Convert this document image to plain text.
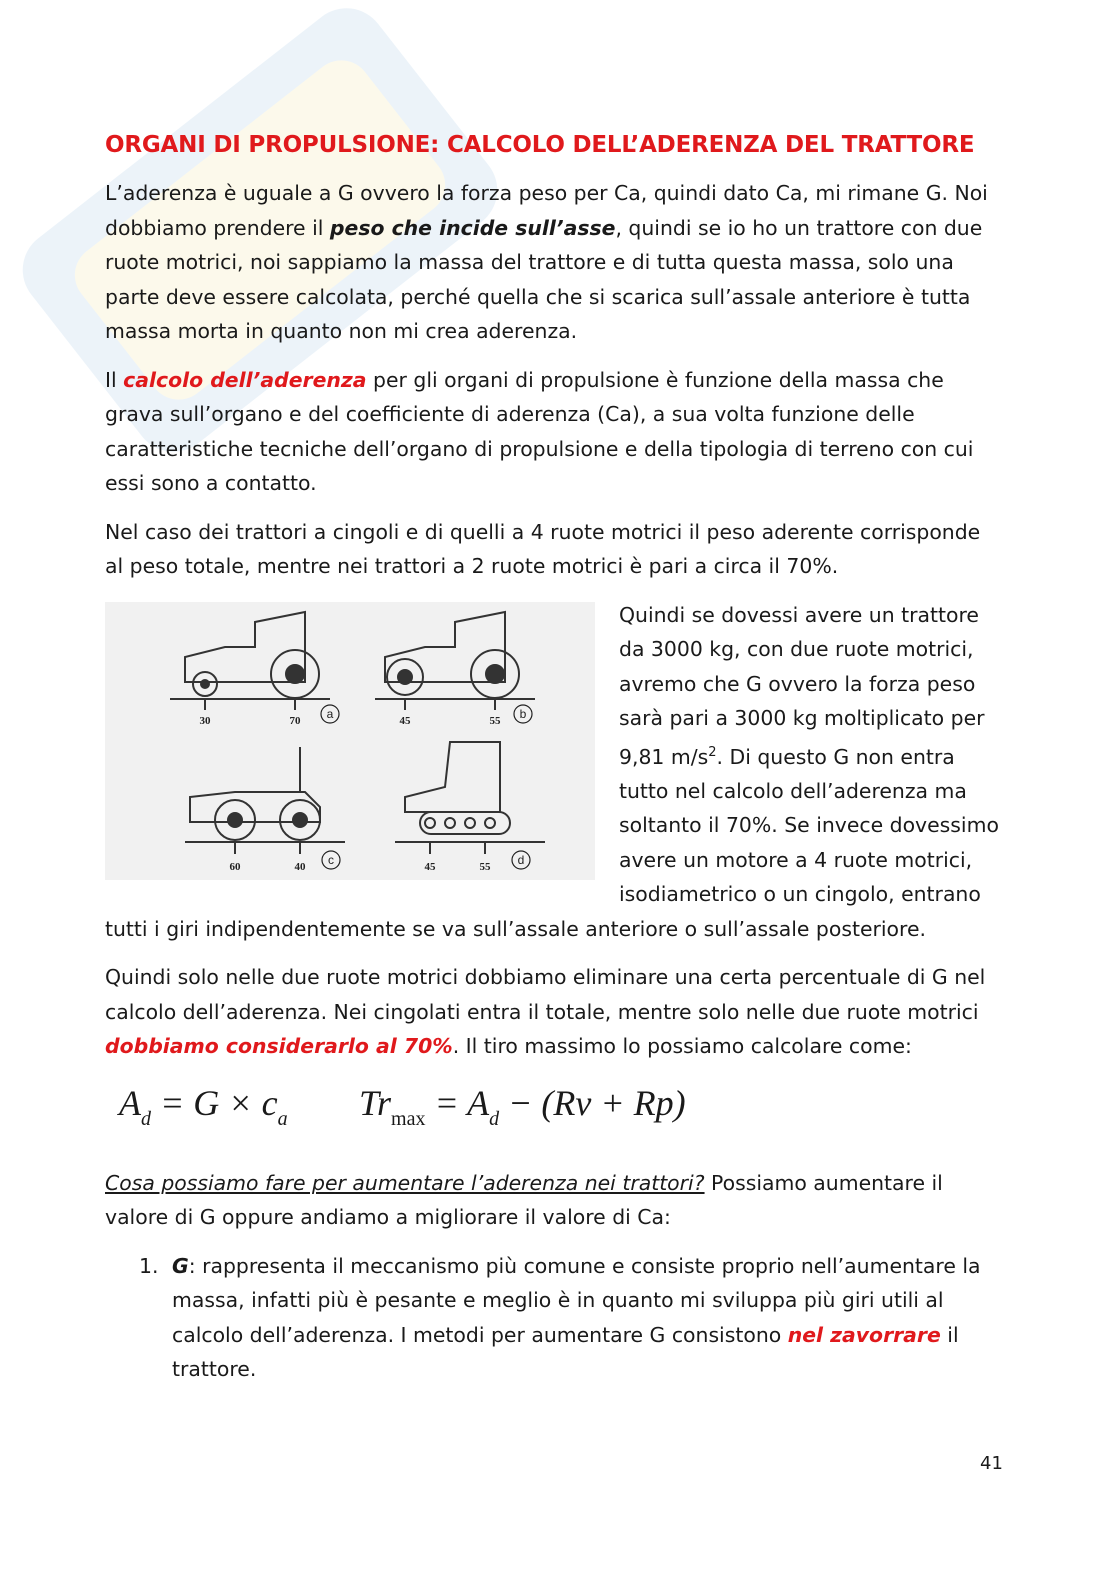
ORGANI DI PROPULSIONE: CALCOLO DELL’ADERENZA DEL TRATTORE

L’aderenza è uguale a G ovvero la forza peso per Ca, quindi dato Ca, mi rimane G. Noi dobbiamo prendere il peso che incide sull’asse, quindi se io ho un trattore con due ruote motrici, noi sappiamo la massa del trattore e di tutta questa massa, solo una parte deve essere calcolata, perché quella che si scarica sull’assale anteriore è tutta massa morta in quanto non mi crea aderenza.

Il calcolo dell’aderenza per gli organi di propulsione è funzione della massa che grava sull’organo e del coefficiente di aderenza (Ca), a sua volta funzione delle caratteristiche tecniche dell’organo di propulsione e della tipologia di terreno con cui essi sono a contatto.

Nel caso dei trattori a cingoli e di quelli a 4 ruote motrici il peso aderente corrisponde al peso totale, mentre nei trattori a 2 ruote motrici è pari a circa il 70%.

30	70	45	55
60	40	45	55
a	b
c	d

Quindi se dovessi avere un trattore da 3000 kg, con due ruote motrici, avremo che G ovvero la forza peso sarà pari a 3000 kg moltiplicato per 9,81 $m/s^2$. Di questo G non entra tutto nel calcolo dell’aderenza ma soltanto il 70%. Se invece dovessimo avere un motore a 4 ruote motrici, isodiametrico o un cingolo, entrano tutti i giri indipendentemente se va sull’assale anteriore o sull’assale posteriore.

Quindi solo nelle due ruote motrici dobbiamo eliminare una certa percentuale di G nel calcolo dell’aderenza. Nei cingolati entra il totale, mentre solo nelle due ruote motrici dobbiamo considerarlo al 70%. Il tiro massimo lo possiamo calcolare come:

$A_d = G \times c_a$ $Tr_{max} = A_d - (Rv + Rp)$

Cosa possiamo fare per aumentare l’aderenza nei trattori? Possiamo aumentare il valore di G oppure andiamo a migliorare il valore di Ca:

1. G: rappresenta il meccanismo più comune e consiste proprio nell’aumentare la massa, infatti più è pesante e meglio è in quanto mi sviluppa più giri utili al calcolo dell’aderenza. I metodi per aumentare G consistono nel zavorrare il trattore.
41
